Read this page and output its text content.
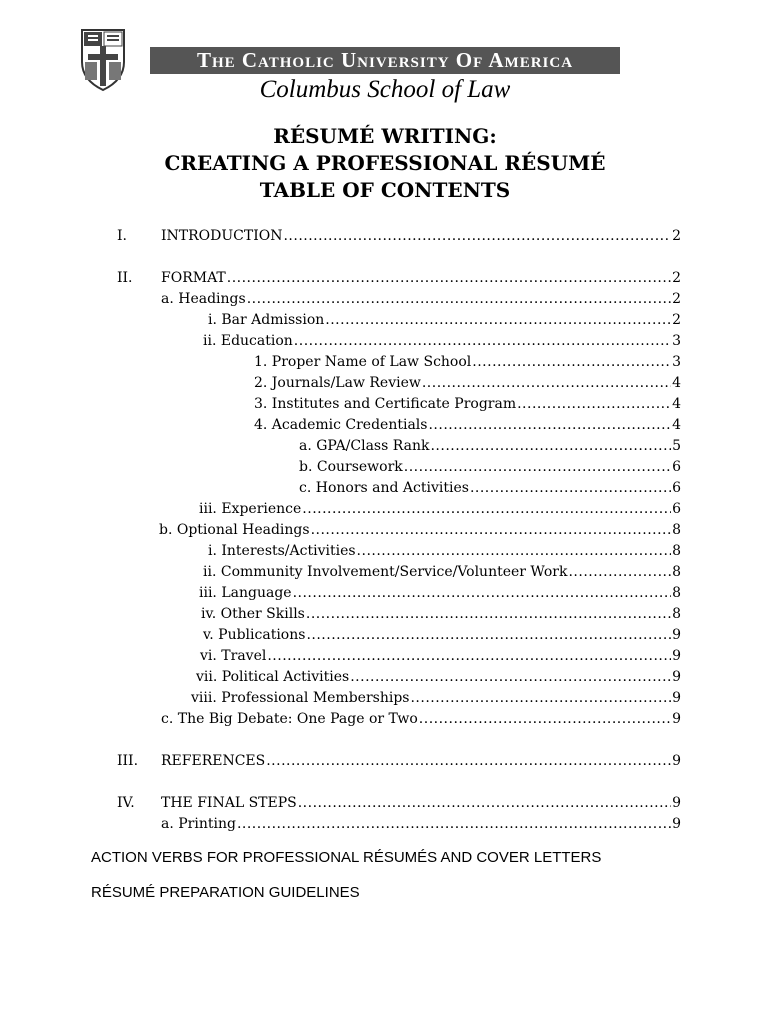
The Catholic University Of America
Columbus School of Law
RÉSUMÉ WRITING:
CREATING A PROFESSIONAL RÉSUMÉ
TABLE OF CONTENTS
I. INTRODUCTION .....	2
II. FORMAT .....	2
a. Headings .....	2
i. Bar Admission .....	2
ii. Education .....	3
1. Proper Name of Law School .....	3
2. Journals/Law Review .....	4
3. Institutes and Certificate Program .....	4
4. Academic Credentials .....	4
a. GPA/Class Rank .....	5
b. Coursework .....	6
c. Honors and Activities .....	6
iii. Experience .....	6
b. Optional Headings .....	8
i. Interests/Activities .....	8
ii. Community Involvement/Service/Volunteer Work .....	8
iii. Language .....	8
iv. Other Skills .....	8
v. Publications .....	9
vi. Travel .....	9
vii. Political Activities .....	9
viii. Professional Memberships .....	9
c. The Big Debate: One Page or Two .....	9
III. REFERENCES .....	9
IV. THE FINAL STEPS .....	9
a. Printing .....	9
ACTION VERBS FOR PROFESSIONAL RÉSUMÉS AND COVER LETTERS
RÉSUMÉ PREPARATION GUIDELINES
